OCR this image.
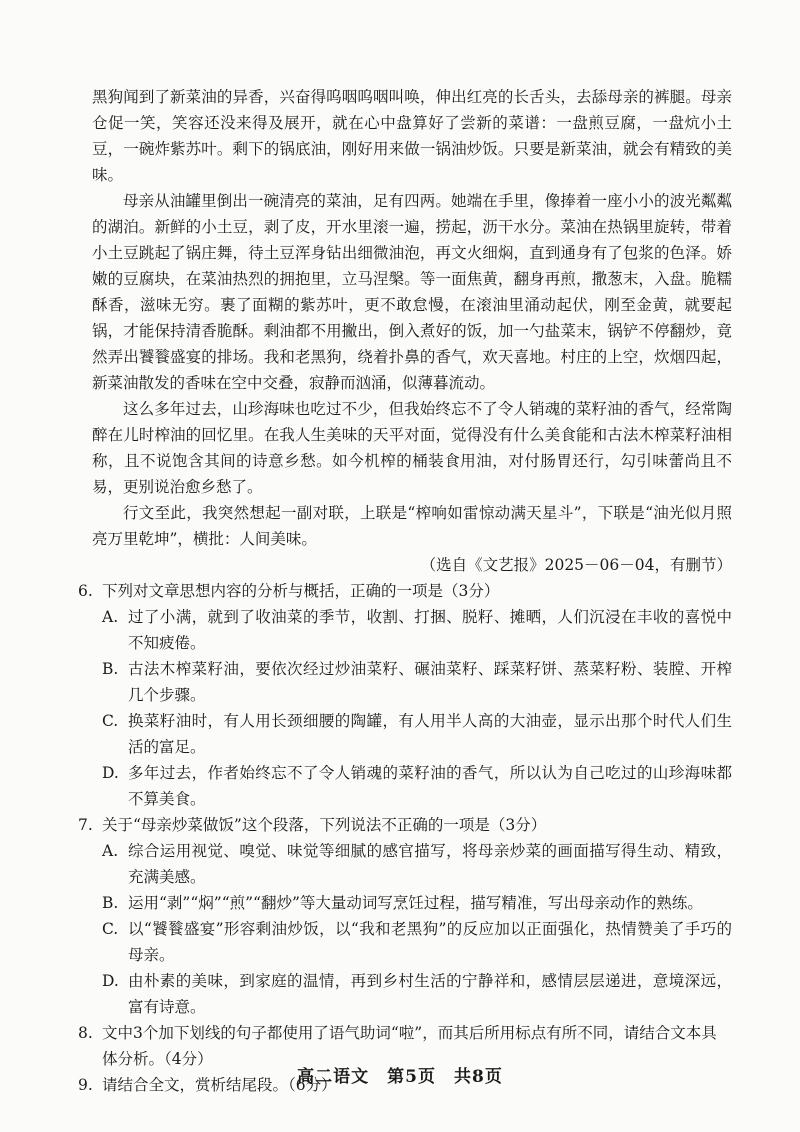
黑狗闻到了新菜油的异香，兴奋得呜咽呜咽叫唤，伸出红亮的长舌头，去舔母亲的裤腿。母亲仓促一笑，笑容还没来得及展开，就在心中盘算好了尝新的菜谱：一盘煎豆腐，一盘炕小土豆，一碗炸紫苏叶。剩下的锅底油，刚好用来做一锅油炒饭。只要是新菜油，就会有精致的美味。

母亲从油罐里倒出一碗清亮的菜油，足有四两。她端在手里，像捧着一座小小的波光粼粼的湖泊。新鲜的小土豆，剥了皮，开水里滚一遍，捞起，沥干水分。菜油在热锅里旋转，带着小土豆跳起了锅庄舞，待土豆浑身钻出细微油泡，再文火细焖，直到通身有了包浆的色泽。娇嫩的豆腐块，在菜油热烈的拥抱里，立马涅槃。等一面焦黄，翻身再煎，撒葱末，入盘。脆糯酥香，滋味无穷。裹了面糊的紫苏叶，更不敢怠慢，在滚油里涌动起伏，刚至金黄，就要起锅，才能保持清香脆酥。剩油都不用撇出，倒入煮好的饭，加一勺盐菜末，锅铲不停翻炒，竟然弄出饕餮盛宴的排场。我和老黑狗，绕着扑鼻的香气，欢天喜地。村庄的上空，炊烟四起，新菜油散发的香味在空中交叠，寂静而汹涌，似薄暮流动。

这么多年过去，山珍海味也吃过不少，但我始终忘不了令人销魂的菜籽油的香气，经常陶醉在儿时榨油的回忆里。在我人生美味的天平对面，觉得没有什么美食能和古法木榨菜籽油相称，且不说饱含其间的诗意乡愁。如今机榨的桶装食用油，对付肠胃还行，勾引味蕾尚且不易，更别说治愈乡愁了。

行文至此，我突然想起一副对联，上联是“榨响如雷惊动满天星斗”，下联是“油光似月照亮万里乾坤”，横批：人间美味。

（选自《文艺报》2025－06－04，有删节）

6. 下列对文章思想内容的分析与概括，正确的一项是（3分）
A. 过了小满，就到了收油菜的季节，收割、打捆、脱籽、摊晒，人们沉浸在丰收的喜悦中不知疲倦。
B. 古法木榨菜籽油，要依次经过炒油菜籽、碾油菜籽、踩菜籽饼、蒸菜籽粉、装膛、开榨几个步骤。
C. 换菜籽油时，有人用长颈细腰的陶罐，有人用半人高的大油壶，显示出那个时代人们生活的富足。
D. 多年过去，作者始终忘不了令人销魂的菜籽油的香气，所以认为自己吃过的山珍海味都不算美食。
7. 关于“母亲炒菜做饭”这个段落，下列说法不正确的一项是（3分）
A. 综合运用视觉、嗅觉、味觉等细腻的感官描写，将母亲炒菜的画面描写得生动、精致，充满美感。
B. 运用“剥”“焖”“煎”“翻炒”等大量动词写烹饪过程，描写精准，写出母亲动作的熟练。
C. 以“饕餮盛宴”形容剩油炒饭，以“我和老黑狗”的反应加以正面强化，热情赞美了手巧的母亲。
D. 由朴素的美味，到家庭的温情，再到乡村生活的宁静祥和，感情层层递进，意境深远，富有诗意。
8. 文中3个加下划线的句子都使用了语气助词“啦”，而其后所用标点有所不同，请结合文本具体分析。（4分）
9. 请结合全文，赏析结尾段。（6分）
高二语文　第5页　共8页
